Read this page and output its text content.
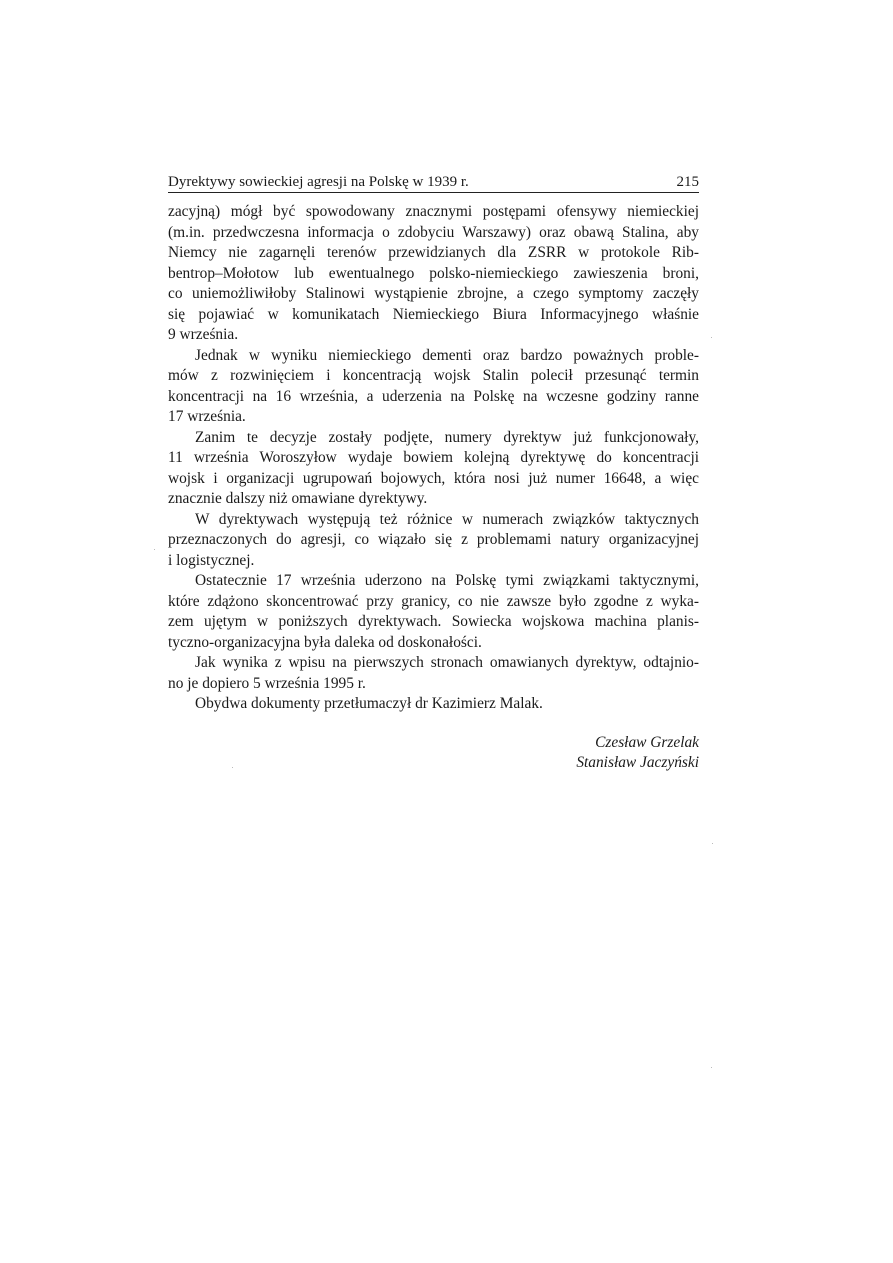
Dyrektywy sowieckiej agresji na Polskę w 1939 r.	215

zacyjną) mógł być spowodowany znacznymi postępami ofensywy niemieckiej
(m.in. przedwczesna informacja o zdobyciu Warszawy) oraz obawą Stalina, aby
Niemcy nie zagarnęli terenów przewidzianych dla ZSRR w protokole Rib-
bentrop–Mołotow lub ewentualnego polsko-niemieckiego zawieszenia broni,
co uniemożliwiłoby Stalinowi wystąpienie zbrojne, a czego symptomy zaczęły
się pojawiać w komunikatach Niemieckiego Biura Informacyjnego właśnie
9 września.

Jednak w wyniku niemieckiego dementi oraz bardzo poważnych proble-
mów z rozwinięciem i koncentracją wojsk Stalin polecił przesunąć termin
koncentracji na 16 września, a uderzenia na Polskę na wczesne godziny ranne
17 września.

Zanim te decyzje zostały podjęte, numery dyrektyw już funkcjonowały,
11 września Woroszyłow wydaje bowiem kolejną dyrektywę do koncentracji
wojsk i organizacji ugrupowań bojowych, która nosi już numer 16648, a więc
znacznie dalszy niż omawiane dyrektywy.

W dyrektywach występują też różnice w numerach związków taktycznych
przeznaczonych do agresji, co wiązało się z problemami natury organizacyjnej
i logistycznej.

Ostatecznie 17 września uderzono na Polskę tymi związkami taktycznymi,
które zdążono skoncentrować przy granicy, co nie zawsze było zgodne z wyka-
zem ujętym w poniższych dyrektywach. Sowiecka wojskowa machina planis-
tyczno-organizacyjna była daleka od doskonałości.

Jak wynika z wpisu na pierwszych stronach omawianych dyrektyw, odtajnio-
no je dopiero 5 września 1995 r.

Obydwa dokumenty przetłumaczył dr Kazimierz Malak.

Czesław Grzelak
Stanisław Jaczyński
